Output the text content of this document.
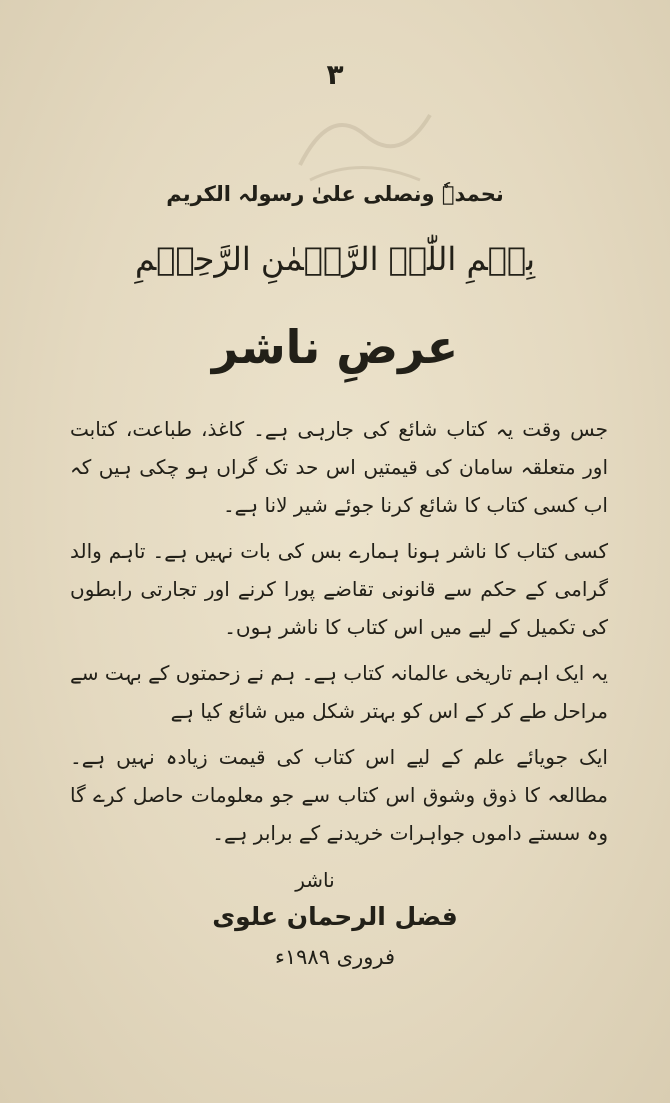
۳
نحمدہٗ ونصلی علیٰ رسولہ الکریم
بِسۡمِ اللّٰہِ الرَّحۡمٰنِ الرَّحِیۡمِ
عرضِ ناشر

جس وقت یہ کتاب شائع کی جارہی ہے۔ کاغذ، طباعت، کتابت اور متعلقہ سامان کی قیمتیں اس حد تک گراں ہو چکی ہیں کہ اب کسی کتاب کا شائع کرنا جوئے شیر لانا ہے۔

کسی کتاب کا ناشر ہونا ہمارے بس کی بات نہیں ہے۔ تاہم والد گرامی کے حکم سے قانونی تقاضے پورا کرنے اور تجارتی رابطوں کی تکمیل کے لیے میں اس کتاب کا ناشر ہوں۔

یہ ایک اہم تاریخی عالمانہ کتاب ہے۔ ہم نے زحمتوں کے بہت سے مراحل طے کر کے اس کو بہتر شکل میں شائع کیا ہے

ایک جویائے علم کے لیے اس کتاب کی قیمت زیادہ نہیں ہے۔ مطالعہ کا ذوق وشوق اس کتاب سے جو معلومات حاصل کرے گا وہ سستے داموں جواہرات خریدنے کے برابر ہے۔

ناشر
فضل الرحمان علوی
فروری ۱۹۸۹ء
